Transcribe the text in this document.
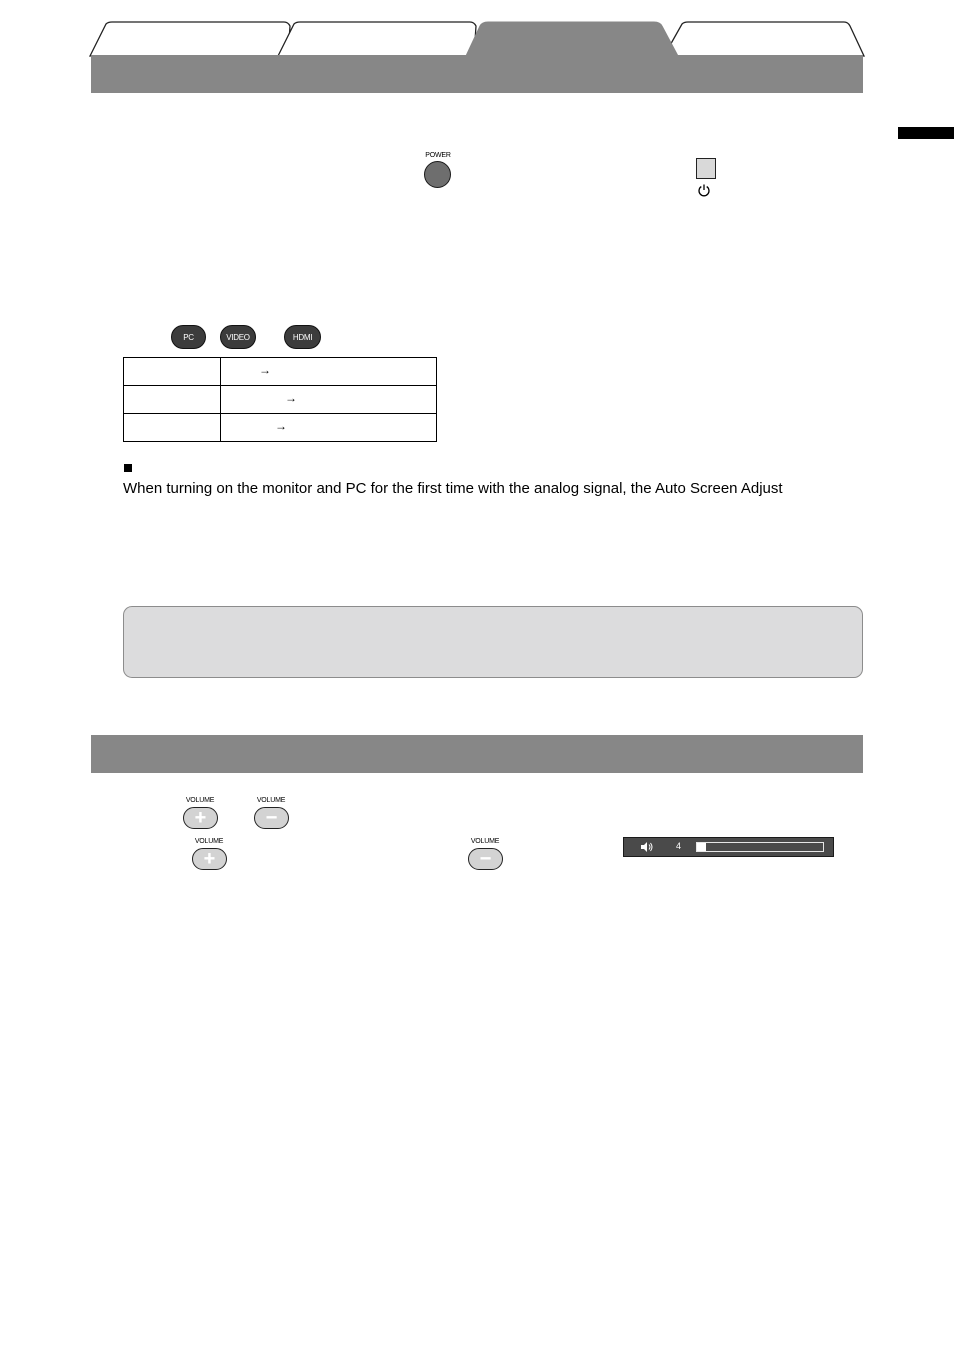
POWER
PC	VIDEO	HDMI

	→

	→

	→
When turning on the monitor and PC for the first time with the analog signal, the Auto Screen Adjust
VOLUME
+
VOLUME
−
VOLUME
+
VOLUME
−
4
